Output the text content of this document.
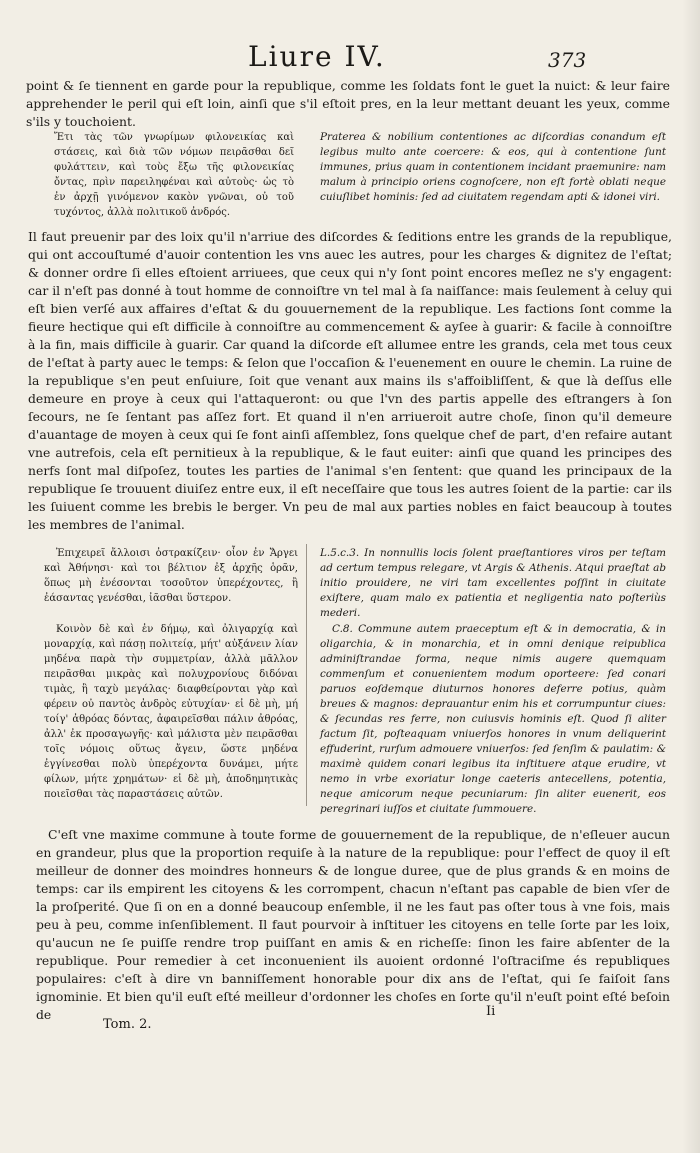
Liure IV.	373

point & ſe tiennent en garde pour la republique, comme les ſoldats font le guet la nuict: & leur faire apprehender le peril qui eſt loin, ainſi que s'il eſtoit pres, en la leur mettant deuant les yeux, comme s'ils y touchoient.

Ἔτι τὰς τῶν γνωρίμων φιλονεικίας καὶ στάσεις, καὶ διὰ τῶν νόμων πειρᾶσθαι δεῖ φυλάττειν, καὶ τοὺς ἔξω τῆς φιλονεικίας ὄντας, πρὶν παρειληφέναι καὶ αὐτοὺς· ὡς τὸ ἐν ἀρχῇ γινόμενον κακὸν γνῶναι, οὐ τοῦ τυχόντος, ἀλλὰ πολιτικοῦ ἀνδρός.

Praterea & nobilium contentiones ac diſcordias conandum eſt legibus multo ante coercere: & eos, qui à contentione ſunt immunes, prius quam in contentionem incidant praemunire: nam malum à principio oriens cognoſcere, non eſt fortè oblati neque cuiuſlibet hominis: ſed ad ciuitatem regendam apti & idonei viri.

Il faut preuenir par des loix qu'il n'arriue des diſcordes & ſeditions entre les grands de la republique, qui ont accouſtumé d'auoir contention les vns auec les autres, pour les charges & dignitez de l'eſtat; & donner ordre ſi elles eſtoient arriuees, que ceux qui n'y ſont point encores meſlez ne s'y engagent: car il n'eſt pas donné à tout homme de connoiſtre vn tel mal à ſa naiſſance: mais ſeulement à celuy qui eſt bien verſé aux affaires d'eſtat & du gouuernement de la republique. Les factions ſont comme la fieure hectique qui eſt difficile à connoiſtre au commencement & ayſee à guarir: & facile à connoiſtre à la fin, mais difficile à guarir. Car quand la diſcorde eſt allumee entre les grands, cela met tous ceux de l'eſtat à party auec le temps: & ſelon que l'occaſion & l'euenement en ouure le chemin. La ruine de la republique s'en peut enſuiure, ſoit que venant aux mains ils s'affoibliſſent, & que là deſſus elle demeure en proye à ceux qui l'attaqueront: ou que l'vn des partis appelle des eſtrangers à ſon ſecours, ne ſe ſentant pas aſſez fort. Et quand il n'en arriueroit autre choſe, ſinon qu'il demeure d'auantage de moyen à ceux qui ſe font ainſi aſſemblez, ſons quelque chef de part, d'en refaire autant vne autrefois, cela eſt pernitieux à la republique, & le faut euiter: ainſi que quand les principes des nerfs ſont mal diſpoſez, toutes les parties de l'animal s'en ſentent: que quand les principaux de la republique ſe trouuent diuiſez entre eux, il eſt neceſſaire que tous les autres ſoient de la partie: car ils les ſuiuent comme les brebis le berger. Vn peu de mal aux parties nobles en faict beaucoup à toutes les membres de l'animal.

Ἐπιχειρεῖ ἄλλοισι ὀστρακίζειν· οἷον ἐν Ἄργει καὶ Ἀθήνησι· καὶ τοι βέλτιον ἐξ ἀρχῆς ὁρᾶν, ὅπως μὴ ἐνέσονται τοσοῦτον ὑπερέχοντες, ἢ ἐάσαντας γενέσθαι, ἰᾶσθαι ὕστερον.

Κοινὸν δὲ καὶ ἐν δήμῳ, καὶ ὀλιγαρχίᾳ καὶ μοναρχίᾳ, καὶ πάσῃ πολιτείᾳ, μήτ' αὐξάνειν λίαν μηδένα παρὰ τὴν συμμετρίαν, ἀλλὰ μᾶλλον πειρᾶσθαι μικρὰς καὶ πολυχρονίους διδόναι τιμὰς, ἢ ταχὺ μεγάλας· διαφθείρονται γὰρ καὶ φέρειν οὐ παντὸς ἀνδρὸς εὐτυχίαν· εἰ δὲ μὴ, μή τοίγ' ἀθρόας δόντας, ἀφαιρεῖσθαι πάλιν ἀθρόας, ἀλλ' ἐκ προσαγωγῆς· καὶ μάλιστα μὲν πειρᾶσθαι τοῖς νόμοις οὕτως ἄγειν, ὥστε μηδένα ἐγγίνεσθαι πολὺ ὑπερέχοντα δυνάμει, μήτε φίλων, μήτε χρημάτων· εἰ δὲ μὴ, ἀποδημητικὰς ποιεῖσθαι τὰς παραστάσεις αὐτῶν.

L.5.c.3. In nonnullis locis ſolent praeſtantiores viros per teſtam ad certum tempus relegare, vt Argis & Athenis. Atqui praeſtat ab initio prouidere, ne viri tam excellentes poſſint in ciuitate exiſtere, quam malo ex patientia et negligentia nato poſteriùs mederi.

C.8. Commune autem praeceptum eſt & in democratia, & in oligarchia, & in monarchia, et in omni denique reipublica adminiſtrandae forma, neque nimis augere quemquam commenſum et conuenientem modum oporteere: ſed conari paruos eoſdemque diuturnos honores deferre potius, quàm breues & magnos: deprauantur enim his et corrumpuntur ciues: & ſecundas res ferre, non cuiusvis hominis eſt. Quod ſi aliter factum ſit, poſteaquam vniuerſos honores in vnum deliquerint effuderint, rurſum admouere vniuerſos: ſed ſenſim & paulatim: & maximè quidem conari legibus ita inſtituere atque erudire, vt nemo in vrbe exoriatur longe caeteris antecellens, potentia, neque amicorum neque pecuniarum: ſin aliter euenerit, eos peregrinari iuſſos et ciuitate ſummouere.

C'eſt vne maxime commune à toute forme de gouuernement de la republique, de n'eſleuer aucun en grandeur, plus que la proportion requiſe à la nature de la republique: pour l'effect de quoy il eſt meilleur de donner des moindres honneurs & de longue duree, que de plus grands & en moins de temps: car ils empirent les citoyens & les corrompent, chacun n'eſtant pas capable de bien vſer de la proſperité. Que ſi on en a donné beaucoup enſemble, il ne les faut pas oſter tous à vne fois, mais peu à peu, comme inſenſiblement. Il faut pourvoir à inſtituer les citoyens en telle ſorte par les loix, qu'aucun ne ſe puiſſe rendre trop puiſſant en amis & en richeſſe: ſinon les faire abſenter de la republique. Pour remedier à cet inconuenient ils auoient ordonné l'oſtraciſme és republiques populaires: c'eſt à dire vn banniſſement honorable pour dix ans de l'eſtat, qui ſe faiſoit ſans ignominie. Et bien qu'il euſt eſté meilleur d'ordonner les choſes en ſorte qu'il n'euſt point eſté beſoin de	Ii
Tom. 2.
